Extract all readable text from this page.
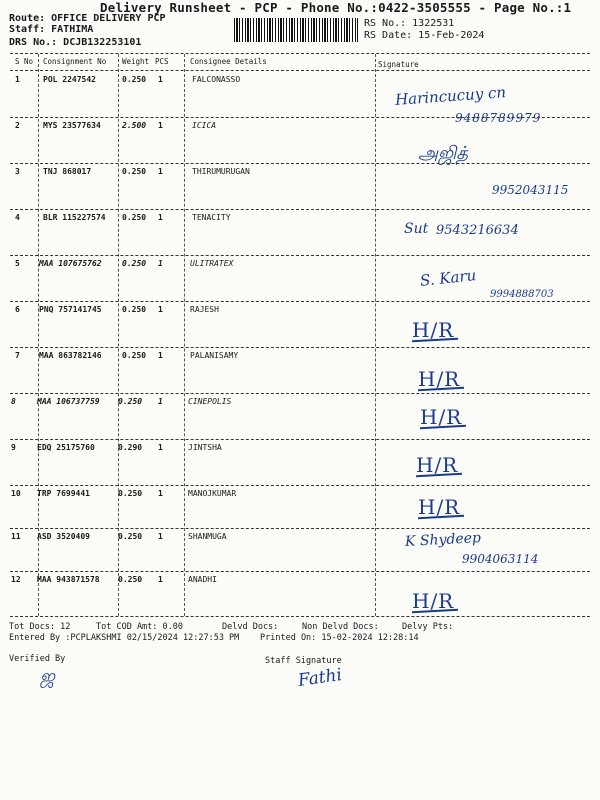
Delivery Runsheet - PCP - Phone No.:0422-3505555 - Page No.:1
Route: OFFICE DELIVERY PCP
Staff: FATHIMA
DRS No.: DCJB132253101
RS No.: 1322531
RS Date: 15-Feb-2024
S No Consignment No Weight PCS	Consignee Details	Signature
1	POL 2247542	0.250 1	FALCONASSO
Harincucuy cn
9488789979
2	MYS 23577634	2.500 1	ICICA
அஜித்
9952043115
3	TNJ 868017	0.250 1	THIRUMURUGAN
4	BLR 115227574 0.250 1	TENACITY
Sut 9543216634
5 MAA 107675762	0.250 1	ULITRATEX
S. Karu
9994888703
6 PNQ 757141745	0.250 1	RAJESH
H/R
7 MAA 863782146	0.250 1	PALANISAMY
H/R
8	MAA 106737759 0.250 1	CINEPOLIS
H/R
9	EDQ 25175760	0.290 1	JINTSHA
H/R
10 TRP 7699441	0.250 1	MANOJKUMAR
H/R
11 ASD 3520409	0.250 1	SHANMUGA	K Shydeep
9904063114
12 MAA 943871578 0.250 1	ANADHI
H/R
Tot Docs: 12	Tot COD Amt: 0.00	Delvd Docs:	Non Delvd Docs:	Delvy Pts:
Entered By :PCPLAKSHMI 02/15/2024 12:27:53 PM Printed On: 15-02-2024 12:28:14
Verified By	Staff Signature
ஜ	Fathi
